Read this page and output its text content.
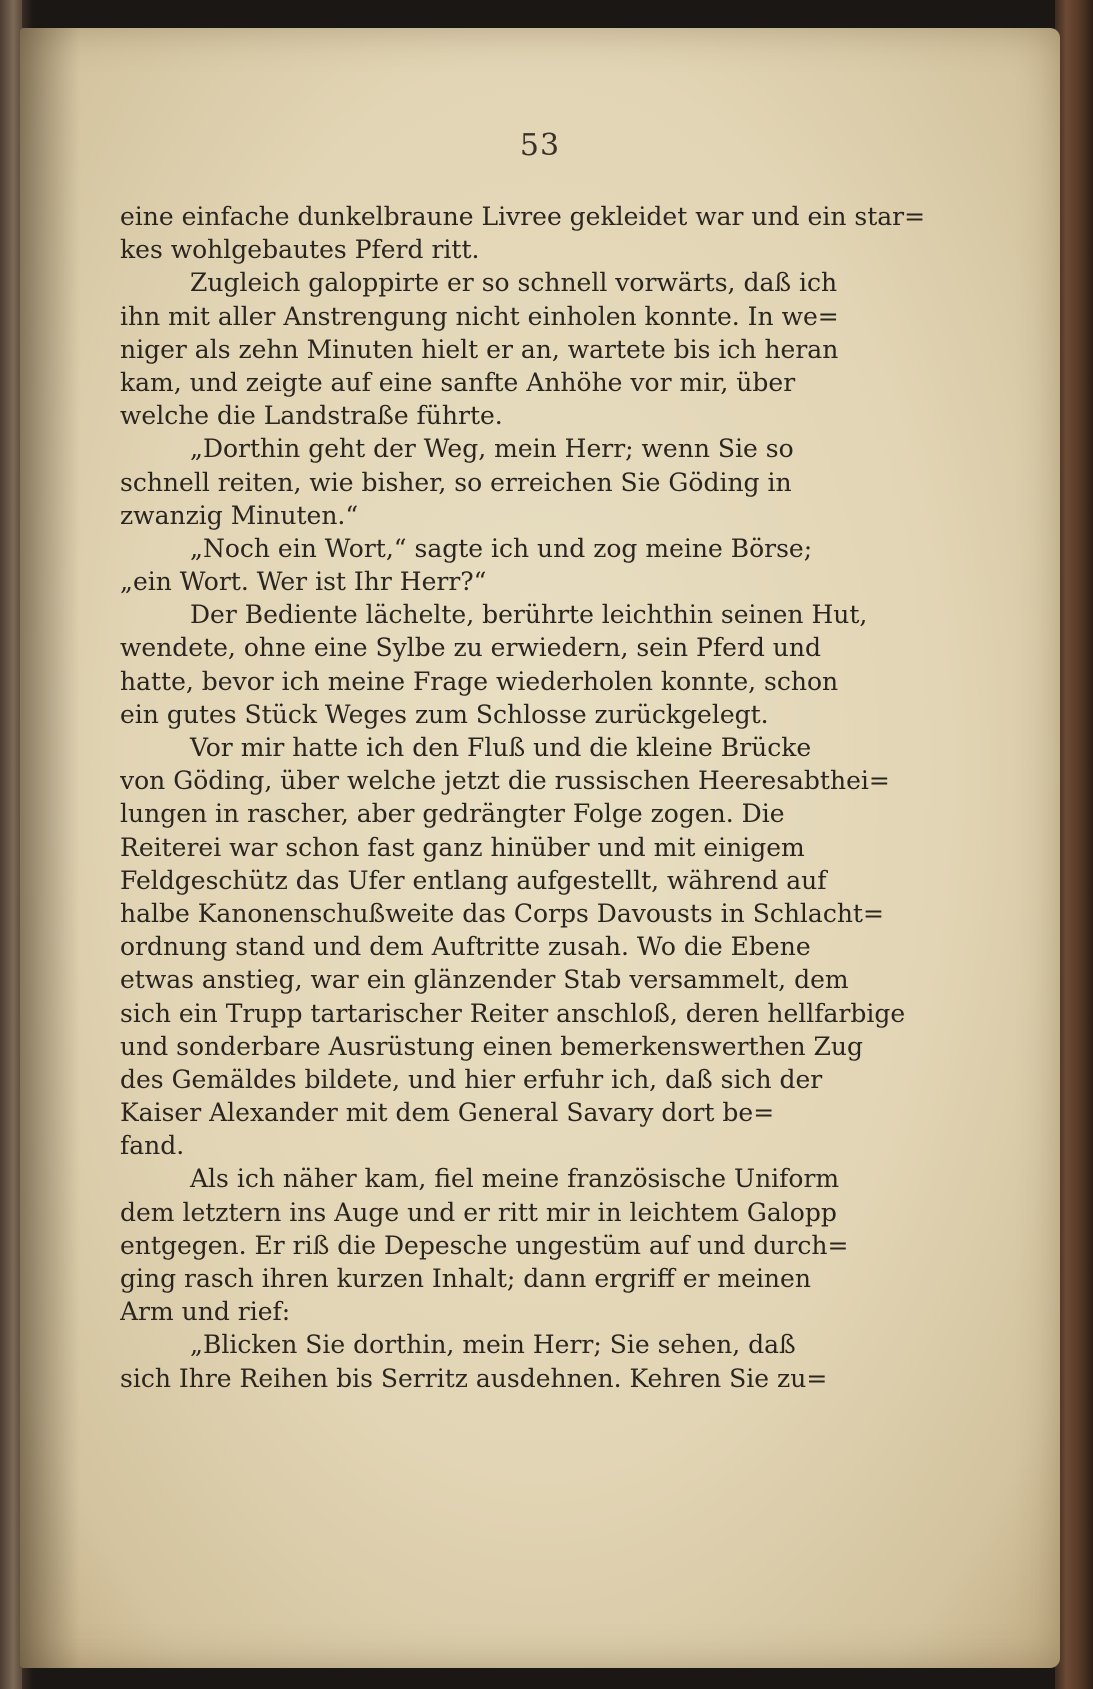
53
eine einfache dunkelbraune Livree gekleidet war und ein star=
kes wohlgebautes Pferd ritt.
Zugleich galoppirte er so schnell vorwärts, daß ich
ihn mit aller Anstrengung nicht einholen konnte. In we=
niger als zehn Minuten hielt er an, wartete bis ich heran
kam, und zeigte auf eine sanfte Anhöhe vor mir, über
welche die Landstraße führte.
„Dorthin geht der Weg, mein Herr; wenn Sie so
schnell reiten, wie bisher, so erreichen Sie Göding in
zwanzig Minuten.“
„Noch ein Wort,“ sagte ich und zog meine Börse;
„ein Wort. Wer ist Ihr Herr?“
Der Bediente lächelte, berührte leichthin seinen Hut,
wendete, ohne eine Sylbe zu erwiedern, sein Pferd und
hatte, bevor ich meine Frage wiederholen konnte, schon
ein gutes Stück Weges zum Schlosse zurückgelegt.
Vor mir hatte ich den Fluß und die kleine Brücke
von Göding, über welche jetzt die russischen Heeresabthei=
lungen in rascher, aber gedrängter Folge zogen. Die
Reiterei war schon fast ganz hinüber und mit einigem
Feldgeschütz das Ufer entlang aufgestellt, während auf
halbe Kanonenschußweite das Corps Davousts in Schlacht=
ordnung stand und dem Auftritte zusah. Wo die Ebene
etwas anstieg, war ein glänzender Stab versammelt, dem
sich ein Trupp tartarischer Reiter anschloß, deren hellfarbige
und sonderbare Ausrüstung einen bemerkenswerthen Zug
des Gemäldes bildete, und hier erfuhr ich, daß sich der
Kaiser Alexander mit dem General Savary dort be=
fand.
Als ich näher kam, fiel meine französische Uniform
dem letztern ins Auge und er ritt mir in leichtem Galopp
entgegen. Er riß die Depesche ungestüm auf und durch=
ging rasch ihren kurzen Inhalt; dann ergriff er meinen
Arm und rief:
„Blicken Sie dorthin, mein Herr; Sie sehen, daß
sich Ihre Reihen bis Serritz ausdehnen. Kehren Sie zu=
